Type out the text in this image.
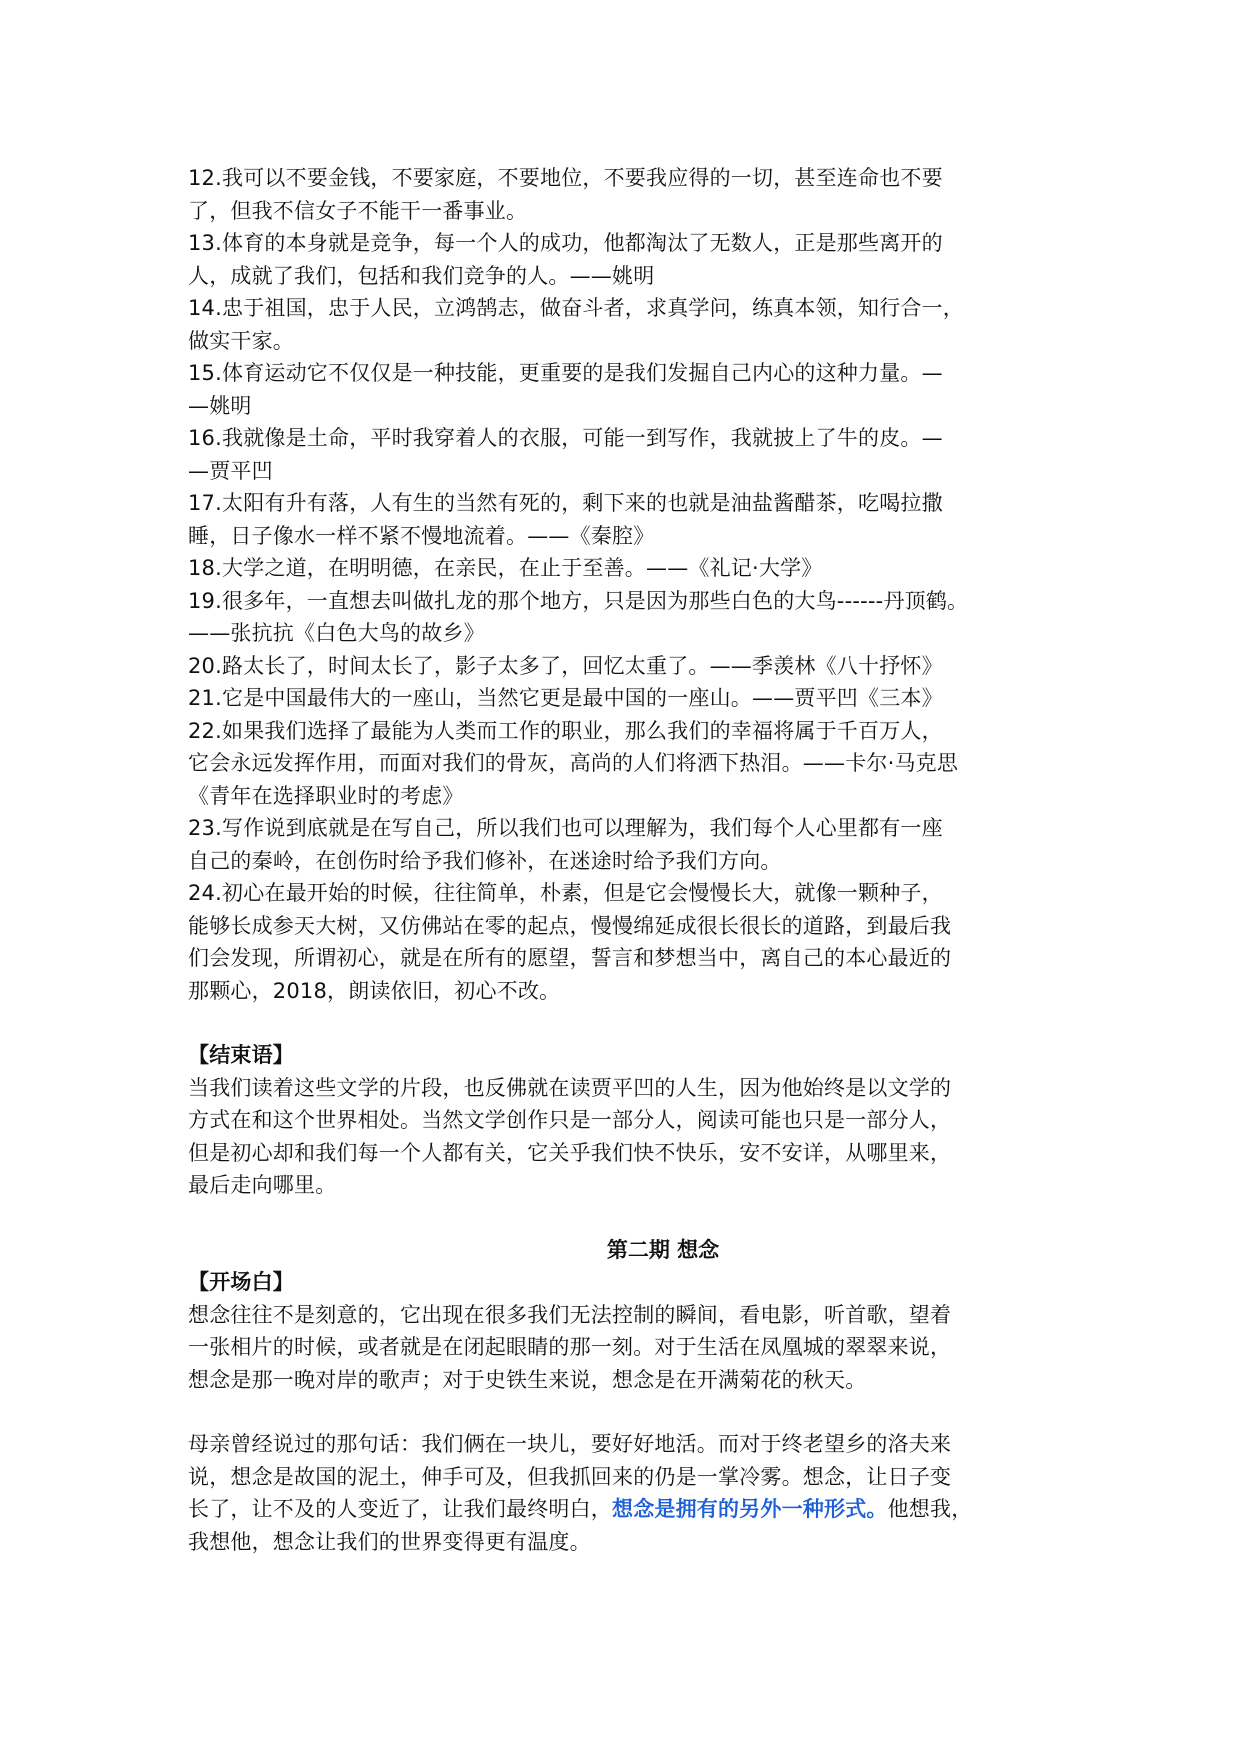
12.我可以不要金钱，不要家庭，不要地位，不要我应得的一切，甚至连命也不要
了，但我不信女子不能干一番事业。
13.体育的本身就是竞争，每一个人的成功，他都淘汰了无数人，正是那些离开的
人，成就了我们，包括和我们竞争的人。——姚明
14.忠于祖国，忠于人民，立鸿鹄志，做奋斗者，求真学问，练真本领，知行合一，
做实干家。
15.体育运动它不仅仅是一种技能，更重要的是我们发掘自己内心的这种力量。—
—姚明
16.我就像是土命，平时我穿着人的衣服，可能一到写作，我就披上了牛的皮。—
—贾平凹
17.太阳有升有落，人有生的当然有死的，剩下来的也就是油盐酱醋茶，吃喝拉撒
睡，日子像水一样不紧不慢地流着。——《秦腔》
18.大学之道，在明明德，在亲民，在止于至善。——《礼记·大学》
19.很多年，一直想去叫做扎龙的那个地方，只是因为那些白色的大鸟------丹顶鹤。
——张抗抗《白色大鸟的故乡》
20.路太长了，时间太长了，影子太多了，回忆太重了。——季羡林《八十抒怀》
21.它是中国最伟大的一座山，当然它更是最中国的一座山。——贾平凹《三本》
22.如果我们选择了最能为人类而工作的职业，那么我们的幸福将属于千百万人，
它会永远发挥作用，而面对我们的骨灰，高尚的人们将洒下热泪。——卡尔·马克思
《青年在选择职业时的考虑》
23.写作说到底就是在写自己，所以我们也可以理解为，我们每个人心里都有一座
自己的秦岭，在创伤时给予我们修补，在迷途时给予我们方向。
24.初心在最开始的时候，往往简单，朴素，但是它会慢慢长大，就像一颗种子，
能够长成参天大树，又仿佛站在零的起点，慢慢绵延成很长很长的道路，到最后我
们会发现，所谓初心，就是在所有的愿望，誓言和梦想当中，离自己的本心最近的
那颗心，2018，朗读依旧，初心不改。
【结束语】
当我们读着这些文学的片段，也反佛就在读贾平凹的人生，因为他始终是以文学的
方式在和这个世界相处。当然文学创作只是一部分人，阅读可能也只是一部分人，
但是初心却和我们每一个人都有关，它关乎我们快不快乐，安不安详，从哪里来，
最后走向哪里。
第二期 想念
【开场白】
想念往往不是刻意的，它出现在很多我们无法控制的瞬间，看电影，听首歌，望着
一张相片的时候，或者就是在闭起眼睛的那一刻。对于生活在凤凰城的翠翠来说，
想念是那一晚对岸的歌声；对于史铁生来说，想念是在开满菊花的秋天。
母亲曾经说过的那句话：我们俩在一块儿，要好好地活。而对于终老望乡的洛夫来
说，想念是故国的泥土，伸手可及，但我抓回来的仍是一掌冷雾。想念，让日子变
长了，让不及的人变近了，让我们最终明白，想念是拥有的另外一种形式。他想我，
我想他，想念让我们的世界变得更有温度。
